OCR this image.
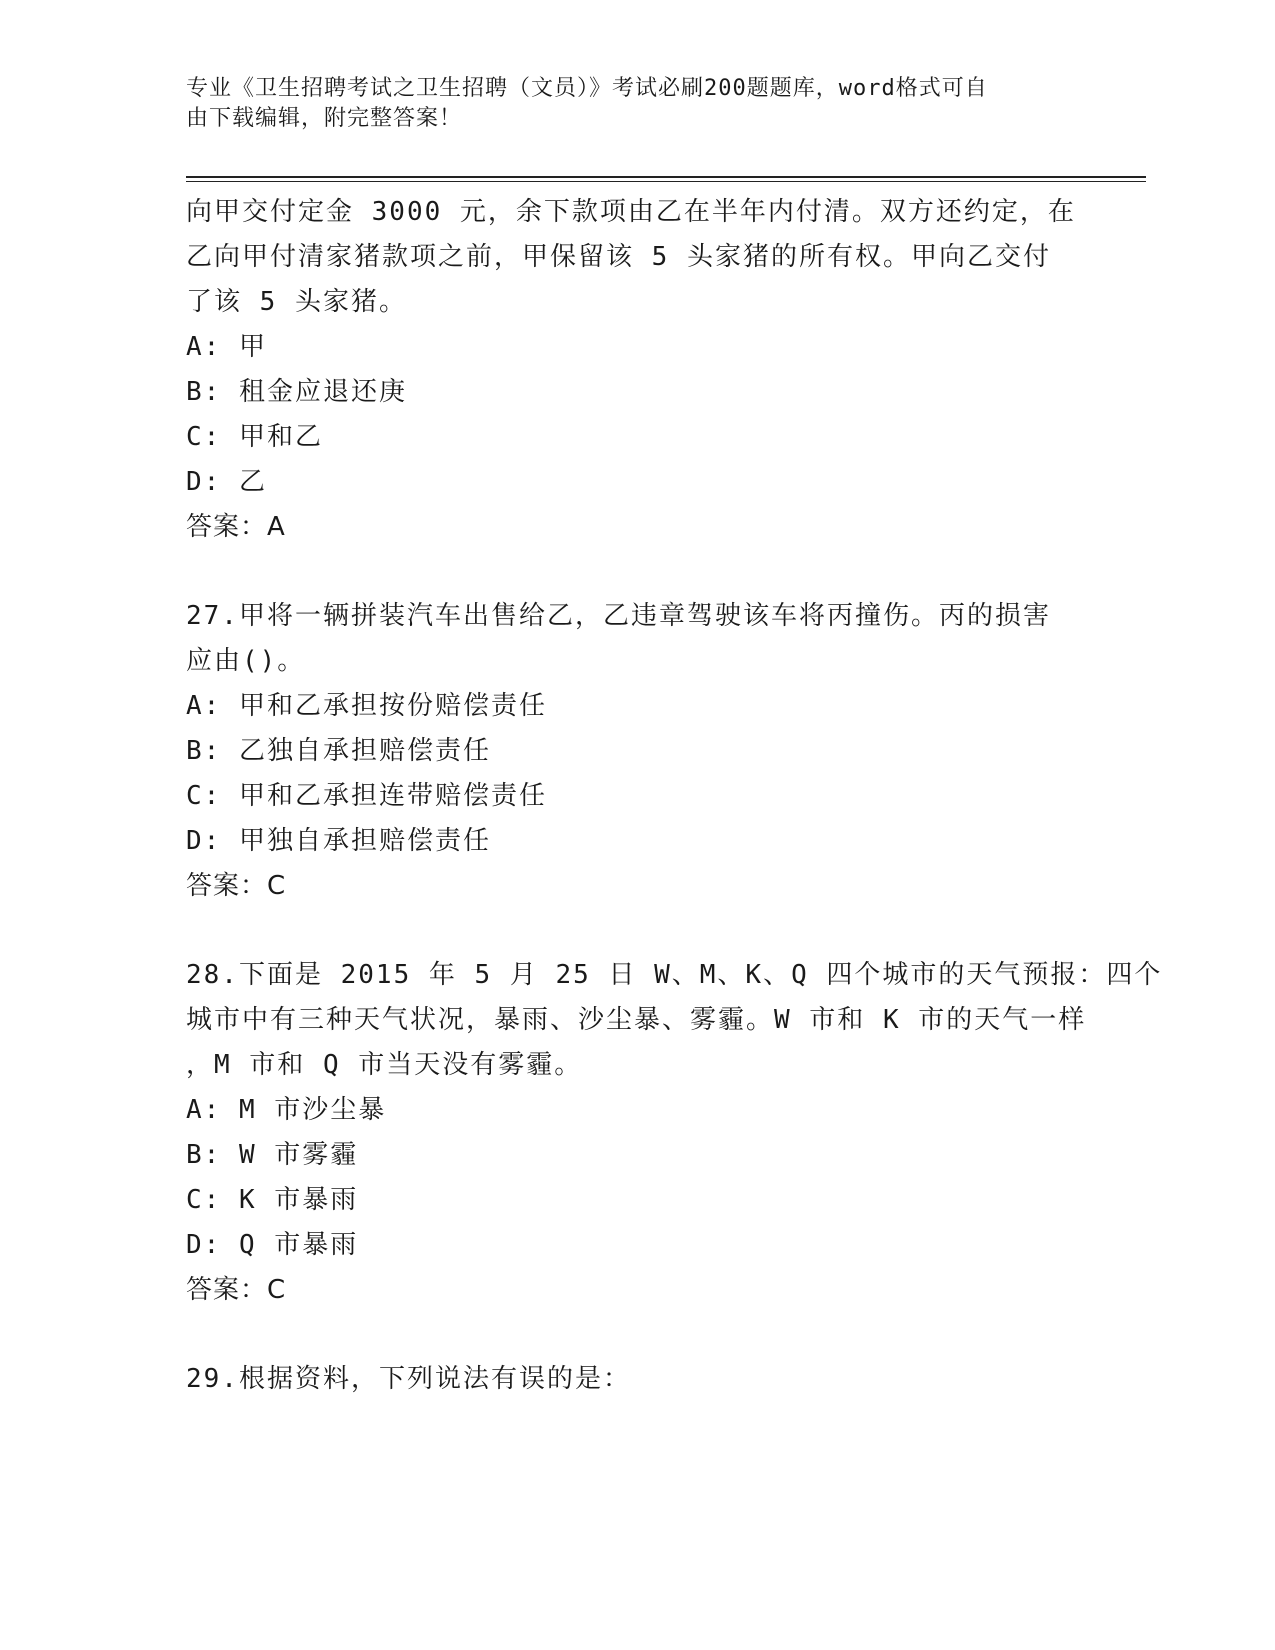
专业《卫生招聘考试之卫生招聘（文员）》考试必刷200题题库，word格式可自
由下载编辑，附完整答案！
向甲交付定金 3000 元，余下款项由乙在半年内付清。双方还约定，在
乙向甲付清家猪款项之前，甲保留该 5 头家猪的所有权。甲向乙交付
了该 5 头家猪。
A: 甲
B: 租金应退还庚
C: 甲和乙
D: 乙
答案：A
27.甲将一辆拼装汽车出售给乙，乙违章驾驶该车将丙撞伤。丙的损害
应由()。
A: 甲和乙承担按份赔偿责任
B: 乙独自承担赔偿责任
C: 甲和乙承担连带赔偿责任
D: 甲独自承担赔偿责任
答案：C
28.下面是 2015 年 5 月 25 日 W、M、K、Q 四个城市的天气预报：四个
城市中有三种天气状况，暴雨、沙尘暴、雾霾。W 市和 K 市的天气一样
，M 市和 Q 市当天没有雾霾。
A: M 市沙尘暴
B: W 市雾霾
C: K 市暴雨
D: Q 市暴雨
答案：C
29.根据资料，下列说法有误的是：
